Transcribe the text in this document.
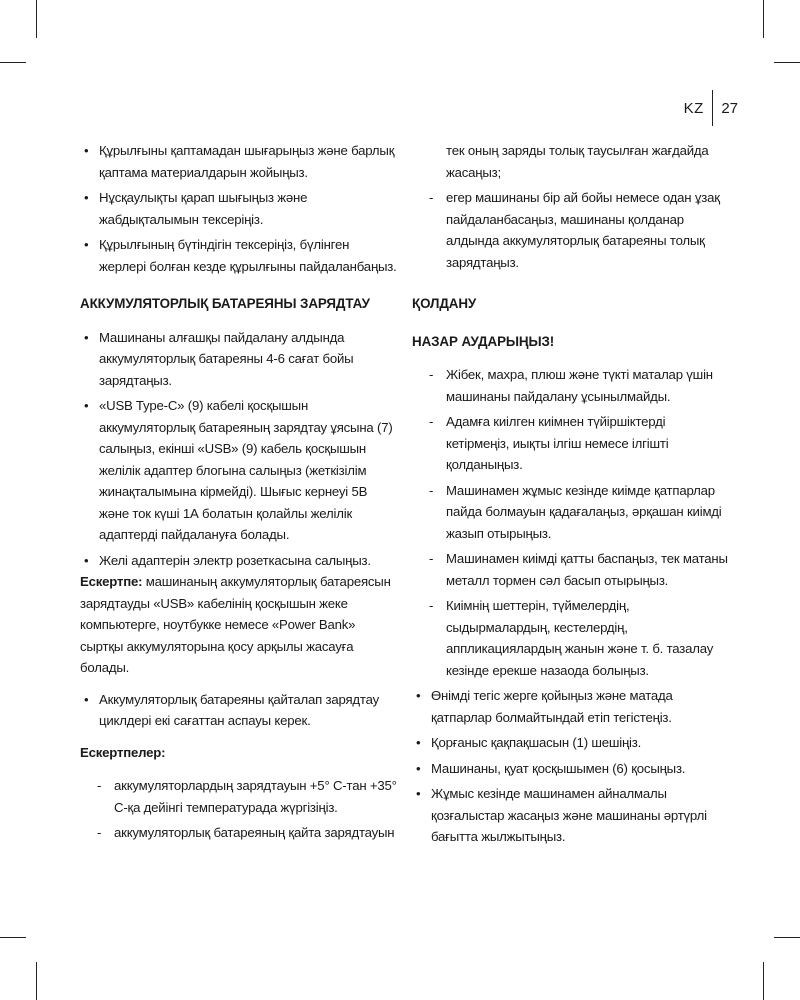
KZ 27
• Құрылғыны қаптамадан шығарыңыз және барлық қаптама материалдарын жойыңыз.
• Нұсқаулықты қарап шығыңыз және жабдықталымын тексеріңіз.
• Құрылғының бүтіндігін тексеріңіз, бүлінген жерлері болған кезде құрылғыны пайдаланбаңыз.

АККУМУЛЯТОРЛЫҚ БАТАРЕЯНЫ ЗАРЯДТАУ

• Машинаны алғашқы пайдалану алдында аккумуляторлық батареяны 4-6 сағат бойы зарядтаңыз.
• «USB Type-C» (9) кабелі қосқышын аккумуляторлық батареяның зарядтау ұясына (7) салыңыз, екінші «USB» (9) кабель қосқышын желілік адаптер блогына салыңыз (жеткізілім жинақталымына кірмейді). Шығыс кернеуі 5В және ток күші 1А болатын қолайлы желілік адаптерді пайдалануға болады.
• Желі адаптерін электр розеткасына салыңыз.

Ескертпе: машинаның аккумуляторлық батареясын зарядтауды «USB» кабелінің қосқышын жеке компьютерге, ноутбукке немесе «Power Bank» сыртқы аккумуляторына қосу арқылы жасауға болады.

• Аккумуляторлық батареяны қайталап зарядтау циклдері екі сағаттан аспауы керек.

Ескертпелер:

- аккумуляторлардың зарядтауын +5° С-тан +35° С-қа дейінгі температурада жүргізіңіз.
- аккумуляторлық батареяның қайта зарядтауын

тек оның заряды толық таусылған жағдайда жасаңыз;

- егер машинаны бір ай бойы немесе одан ұзақ пайдаланбасаңыз, машинаны қолданар алдында аккумуляторлық батареяны толық зарядтаңыз.

ҚОЛДАНУ

НАЗАР АУДАРЫҢЫЗ!

- Жібек, махра, плюш және түкті маталар үшін машинаны пайдалану ұсынылмайды.
- Адамға киілген киімнен түйіршіктерді кетірмеңіз, иықты ілгіш немесе ілгішті қолданыңыз.
- Машинамен жұмыс кезінде киімде қатпарлар пайда болмауын қадағалаңыз, әрқашан киімді жазып отырыңыз.
- Машинамен киімді қатты баспаңыз, тек матаны металл тормен сәл басып отырыңыз.
- Киімнің шеттерін, түймелердің, сыдырмалардың, кестелердің, аппликациялардың жанын және т. б. тазалау кезінде ерекше назаода болыңыз.
• Өнімді тегіс жерге қойыңыз және матада қатпарлар болмайтындай етіп тегістеңіз.
• Қорғаныс қақпақшасын (1) шешіңіз.
• Машинаны, қуат қосқышымен (6) қосыңыз.
• Жұмыс кезінде машинамен айналмалы қозғалыстар жасаңыз және машинаны әртүрлі бағытта жылжытыңыз.
